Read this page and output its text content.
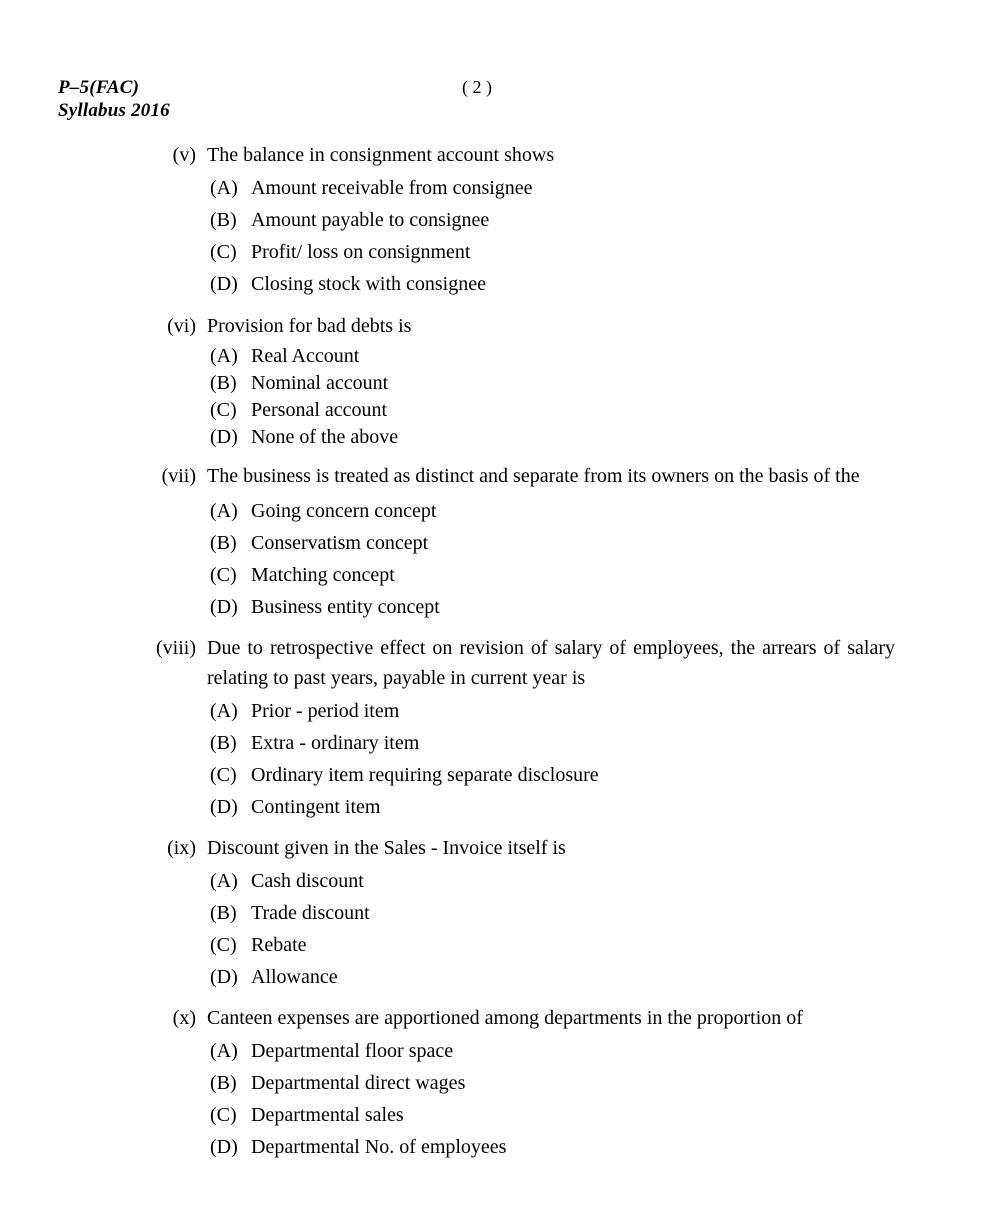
P–5(FAC)	( 2 )
Syllabus 2016
(v) The balance in consignment account shows
(A) Amount receivable from consignee
(B) Amount payable to consignee
(C) Profit/ loss on consignment
(D) Closing stock with consignee
(vi) Provision for bad debts is
(A) Real Account
(B) Nominal account
(C) Personal account
(D) None of the above
(vii) The business is treated as distinct and separate from its owners on the basis of the
(A) Going concern concept
(B) Conservatism concept
(C) Matching concept
(D) Business entity concept
(viii) Due to retrospective effect on revision of salary of employees, the arrears of salary relating to past years, payable in current year is
(A) Prior - period item
(B) Extra - ordinary item
(C) Ordinary item requiring separate disclosure
(D) Contingent item
(ix) Discount given in the Sales - Invoice itself is
(A) Cash discount
(B) Trade discount
(C) Rebate
(D) Allowance
(x) Canteen expenses are apportioned among departments in the proportion of
(A) Departmental floor space
(B) Departmental direct wages
(C) Departmental sales
(D) Departmental No. of employees
